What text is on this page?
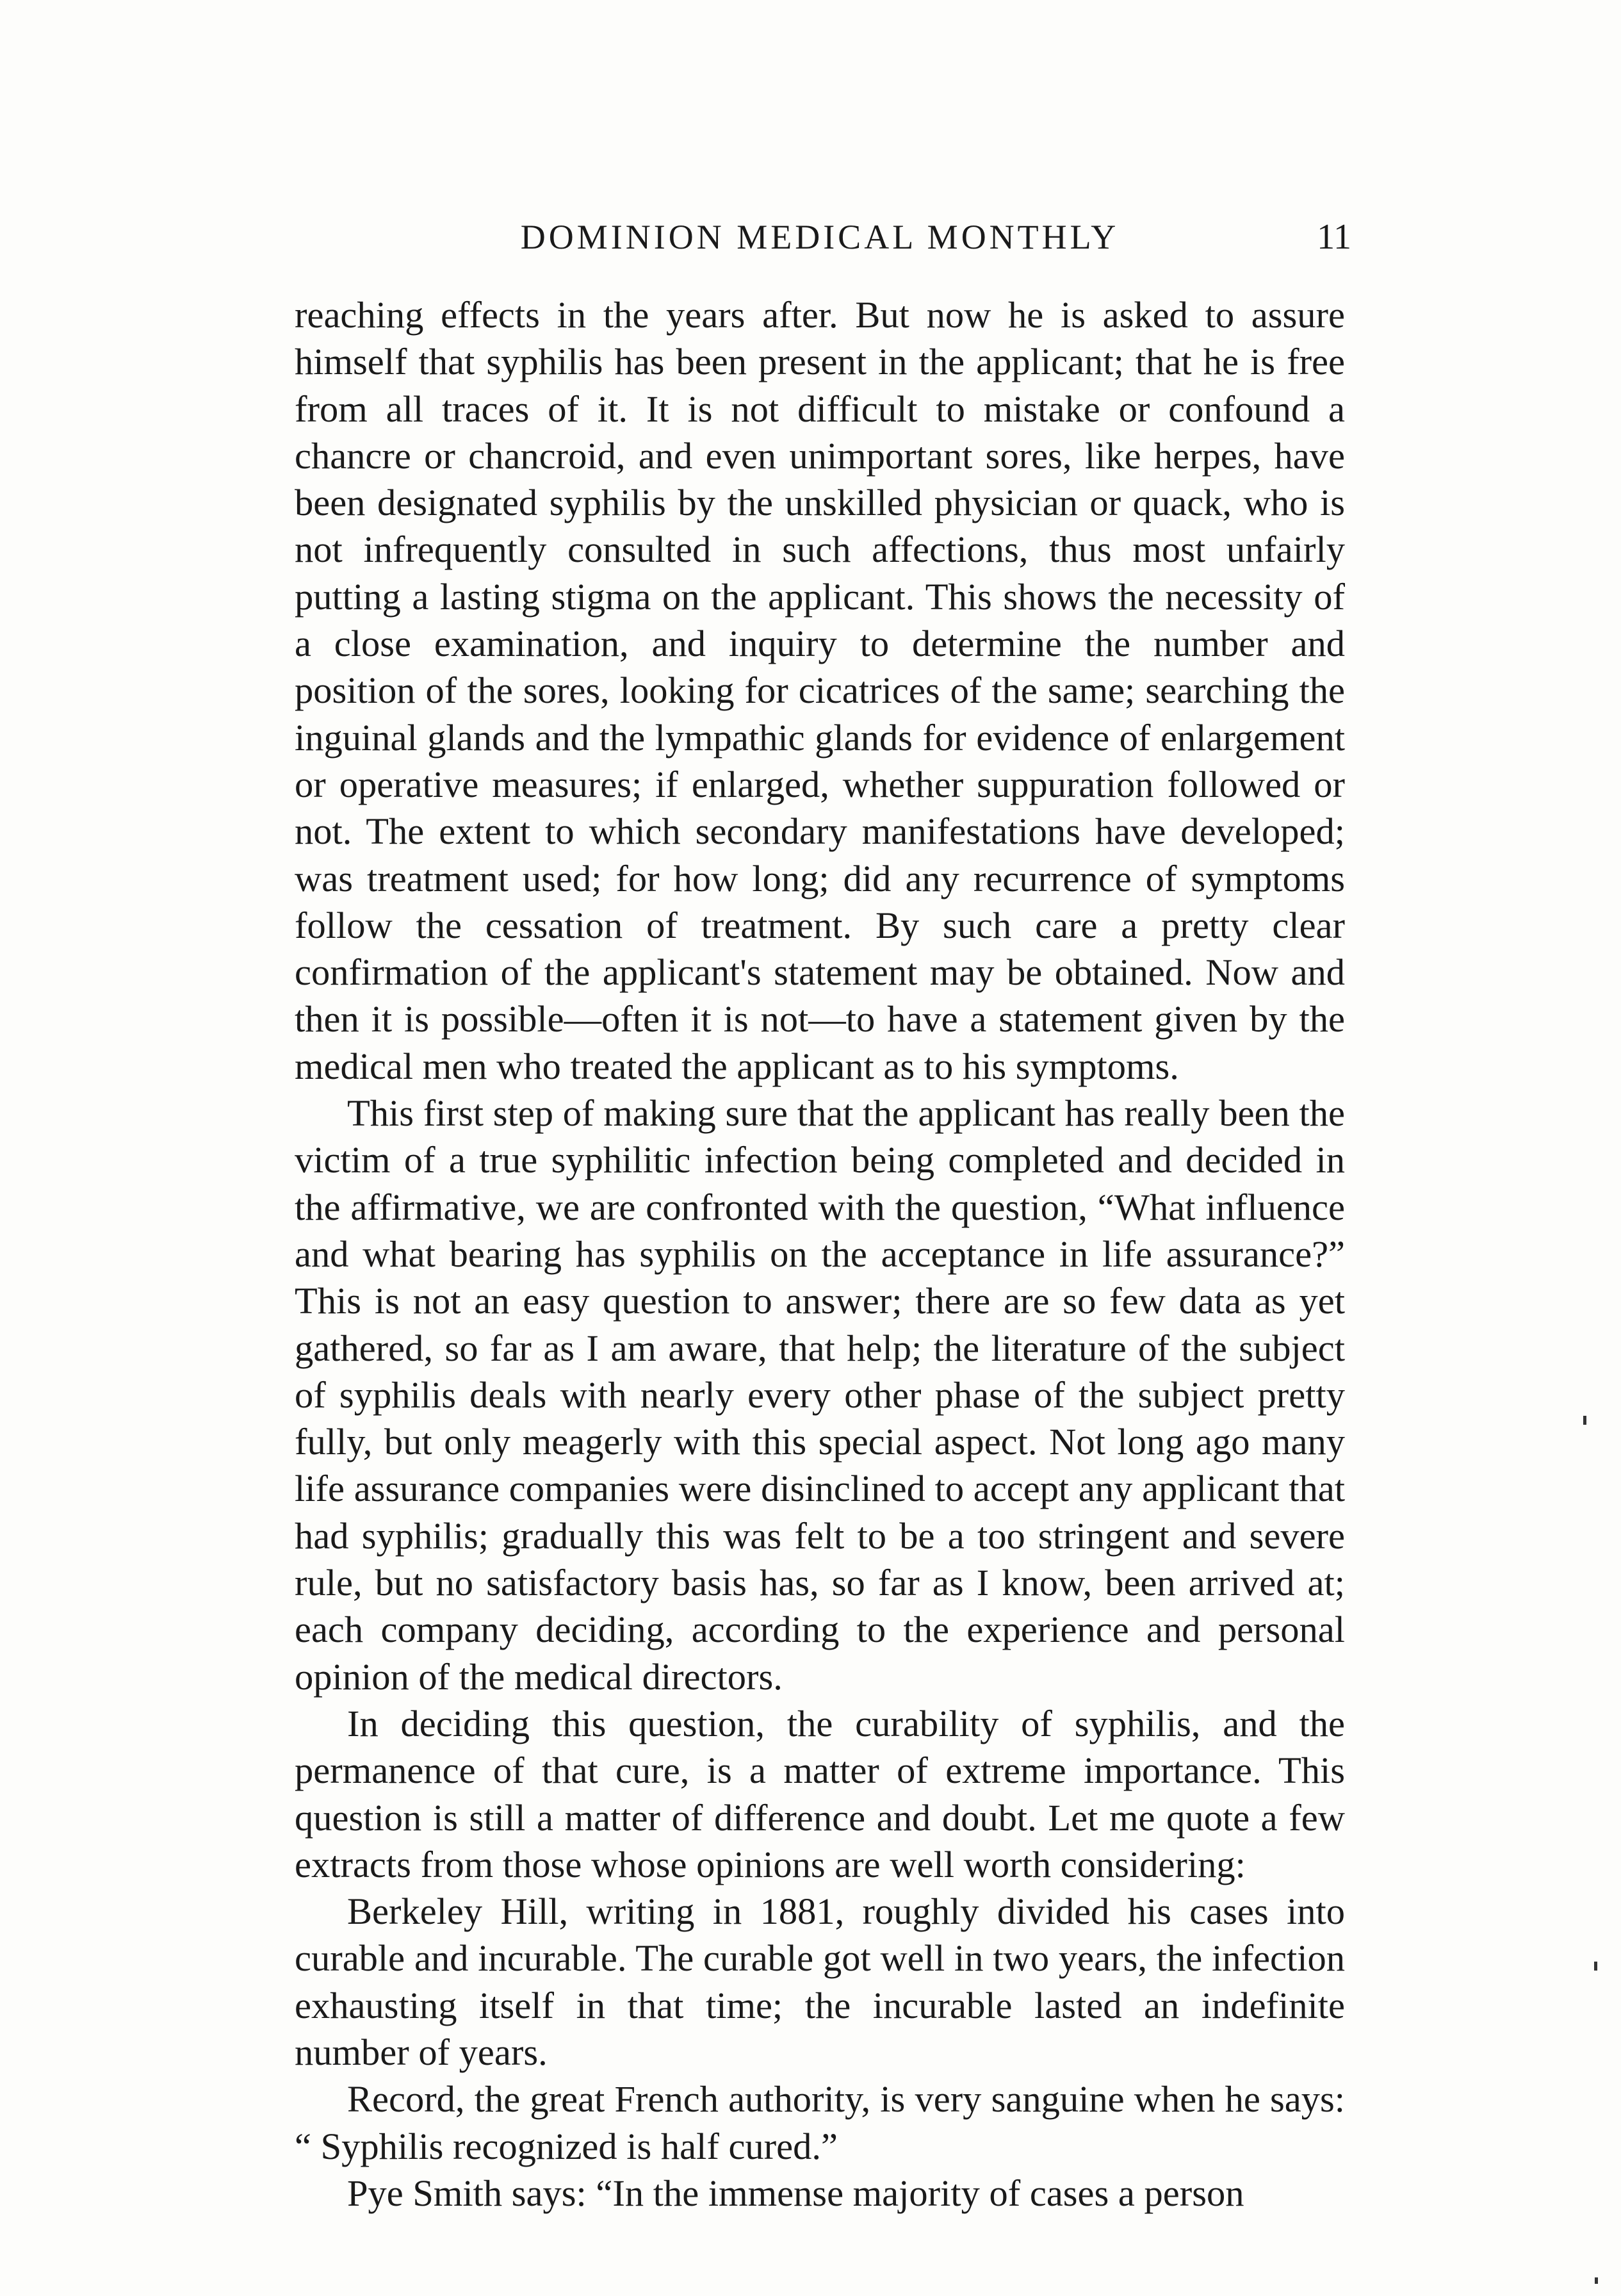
DOMINION MEDICAL MONTHLY	11

reaching effects in the years after. But now he is asked to assure himself that syphilis has been present in the applicant; that he is free from all traces of it. It is not difficult to mistake or confound a chancre or chancroid, and even unimportant sores, like herpes, have been designated syphilis by the unskilled physician or quack, who is not infrequently consulted in such affections, thus most unfairly putting a lasting stigma on the applicant. This shows the necessity of a close examination, and inquiry to determine the number and position of the sores, looking for cicatrices of the same; searching the inguinal glands and the lympathic glands for evidence of enlargement or operative measures; if enlarged, whether suppuration followed or not. The extent to which secondary manifestations have developed; was treatment used; for how long; did any recurrence of symptoms follow the cessation of treatment. By such care a pretty clear confirmation of the applicant's statement may be obtained. Now and then it is possible—often it is not—to have a statement given by the medical men who treated the applicant as to his symptoms.

This first step of making sure that the applicant has really been the victim of a true syphilitic infection being completed and decided in the affirmative, we are confronted with the question, “What influence and what bearing has syphilis on the acceptance in life assurance?” This is not an easy question to answer; there are so few data as yet gathered, so far as I am aware, that help; the literature of the subject of syphilis deals with nearly every other phase of the subject pretty fully, but only meagerly with this special aspect. Not long ago many life assurance companies were disinclined to accept any applicant that had syphilis; gradually this was felt to be a too stringent and severe rule, but no satisfactory basis has, so far as I know, been arrived at; each company deciding, according to the experience and personal opinion of the medical directors.

In deciding this question, the curability of syphilis, and the permanence of that cure, is a matter of extreme importance. This question is still a matter of difference and doubt. Let me quote a few extracts from those whose opinions are well worth considering:

Berkeley Hill, writing in 1881, roughly divided his cases into curable and incurable. The curable got well in two years, the infection exhausting itself in that time; the incurable lasted an indefinite number of years.

Record, the great French authority, is very sanguine when he says: “ Syphilis recognized is half cured.”

Pye Smith says: “In the immense majority of cases a person
